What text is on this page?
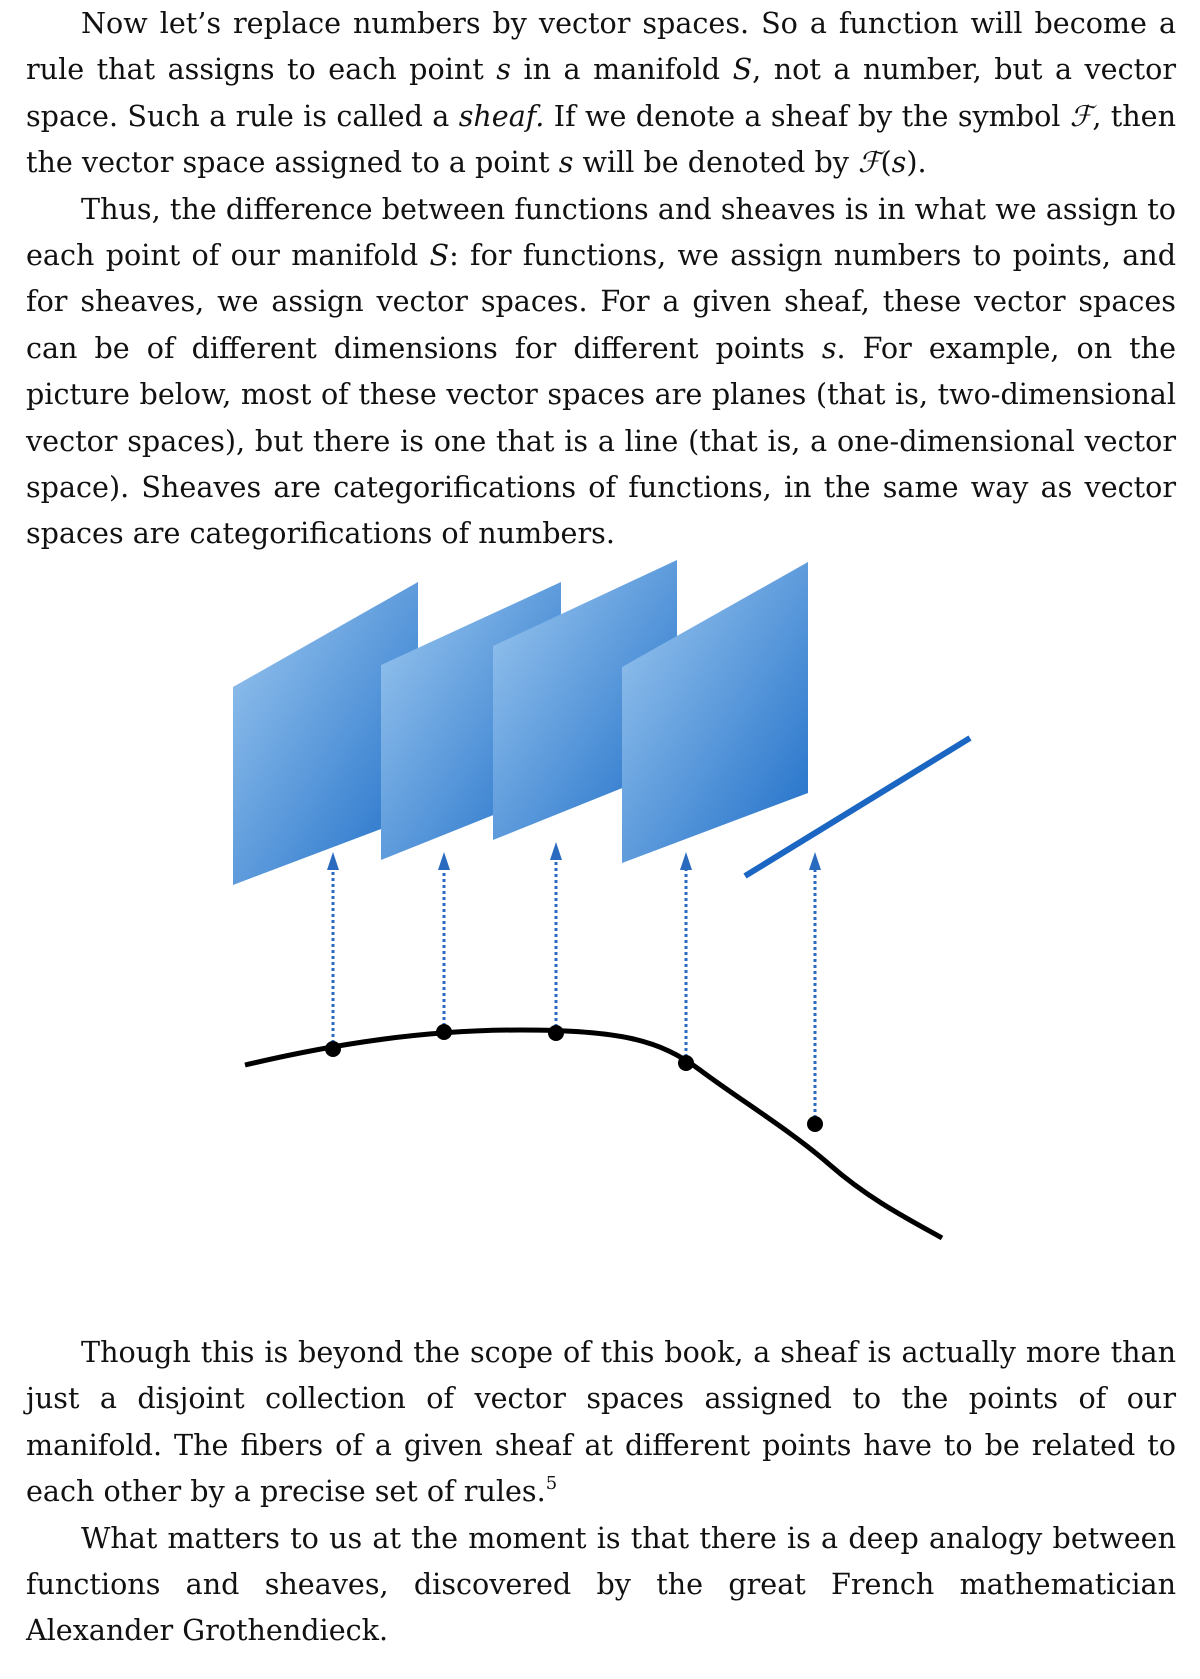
Now let’s replace numbers by vector spaces. So a function will become a rule that assigns to each point s in a manifold S, not a number, but a vector space. Such a rule is called a sheaf. If we denote a sheaf by the symbol ℱ, then the vector space assigned to a point s will be denoted by ℱ(s).

Thus, the difference between functions and sheaves is in what we assign to each point of our manifold S: for functions, we assign numbers to points, and for sheaves, we assign vector spaces. For a given sheaf, these vector spaces can be of different dimensions for different points s. For example, on the picture below, most of these vector spaces are planes (that is, two-dimensional vector spaces), but there is one that is a line (that is, a one-dimensional vector space). Sheaves are categorifications of functions, in the same way as vector spaces are categorifications of numbers.

Though this is beyond the scope of this book, a sheaf is actually more than just a disjoint collection of vector spaces assigned to the points of our manifold. The fibers of a given sheaf at different points have to be related to each other by a precise set of rules.$^5$

What matters to us at the moment is that there is a deep analogy between functions and sheaves, discovered by the great French mathematician Alexander Grothendieck.
